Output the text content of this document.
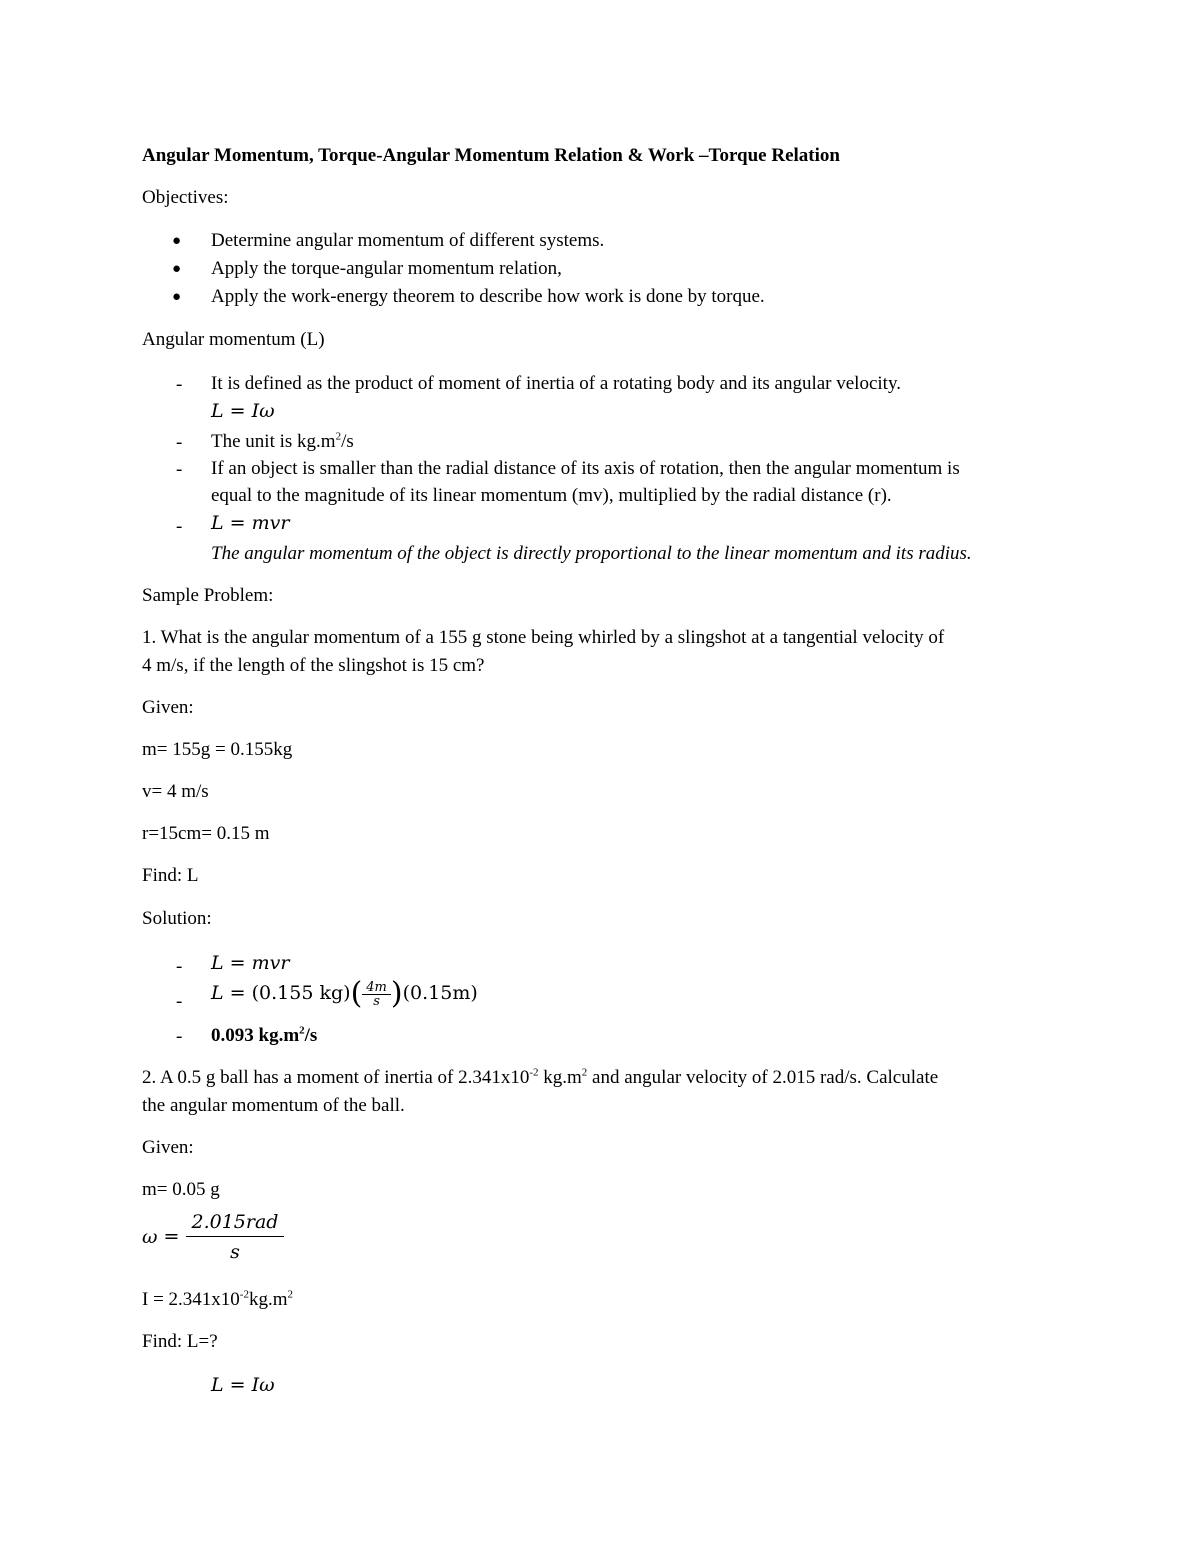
Angular Momentum, Torque-Angular Momentum Relation & Work –Torque Relation
Objectives:
● Determine angular momentum of different systems.
● Apply the torque-angular momentum relation,
● Apply the work-energy theorem to describe how work is done by torque.
Angular momentum (L)
- It is defined as the product of moment of inertia of a rotating body and its angular velocity.
L = Iω
- The unit is $kg.m^2/s$
- If an object is smaller than the radial distance of its axis of rotation, then the angular momentum is
equal to the magnitude of its linear momentum (mv), multiplied by the radial distance (r).
- L = mvr
The angular momentum of the object is directly proportional to the linear momentum and its radius.
Sample Problem:
1. What is the angular momentum of a 155 g stone being whirled by a slingshot at a tangential velocity of
4 m/s, if the length of the slingshot is 15 cm?
Given:
m= 155g = 0.155kg
v= 4 m/s
r=15cm= 0.15 m
Find: L
Solution:
- L = mvr
- L = (0.155 $kg)( \frac{4m}{s} )(0.15m)$
- 0.093 $kg.m^2/s$
2. A 0.5 g ball has a moment of inertia of $2.341x10^{-2}$ $kg.m^2$ and angular velocity of 2.015 rad/s. Calculate
the angular momentum of the ball.
Given:
m= 0.05 g
$\omega = \frac{\text{2.015rad}}{s}$
$I = 2.341x10^{-2}kg.m^2$
Find: L=?
L = Iω
